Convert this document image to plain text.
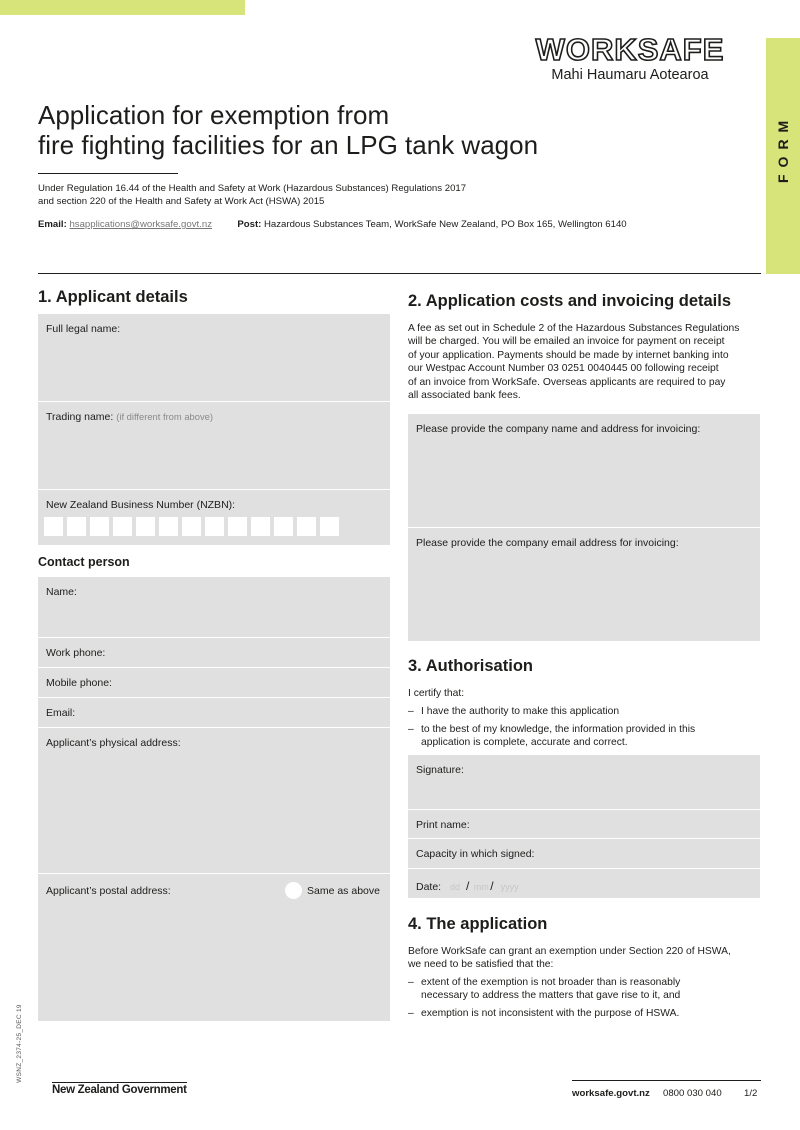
FORM
WORKSAFE
Mahi Haumaru Aotearoa
Application for exemption from
fire fighting facilities for an LPG tank wagon
Under Regulation 16.44 of the Health and Safety at Work (Hazardous Substances) Regulations 2017
and section 220 of the Health and Safety at Work Act (HSWA) 2015
Email: hsapplications@worksafe.govt.nz	Post: Hazardous Substances Team, WorkSafe New Zealand, PO Box 165, Wellington 6140
1. Applicant details
Full legal name:
Trading name: (if different from above)
New Zealand Business Number (NZBN):
Contact person
Name:
Work phone:
Mobile phone:
Email:
Applicant’s physical address:
Applicant’s postal address:	Same as above
2. Application costs and invoicing details
A fee as set out in Schedule 2 of the Hazardous Substances Regulations
will be charged. You will be emailed an invoice for payment on receipt
of your application. Payments should be made by internet banking into
our Westpac Account Number 03 0251 0040445 00 following receipt
of an invoice from WorkSafe. Overseas applicants are required to pay
all associated bank fees.
Please provide the company name and address for invoicing:
Please provide the company email address for invoicing:
3. Authorisation
I certify that:
– I have the authority to make this application
– to the best of my knowledge, the information provided in this
application is complete, accurate and correct.
Signature:
Print name:
Capacity in which signed:
Date: dd / mm / yyyy
4. The application
Before WorkSafe can grant an exemption under Section 220 of HSWA,
we need to be satisfied that the:
– extent of the exemption is not broader than is reasonably
necessary to address the matters that gave rise to it, and
– exemption is not inconsistent with the purpose of HSWA.
WSNZ_2374-25_DEC 19
New Zealand Government	worksafe.govt.nz 0800 030 040 1/2
